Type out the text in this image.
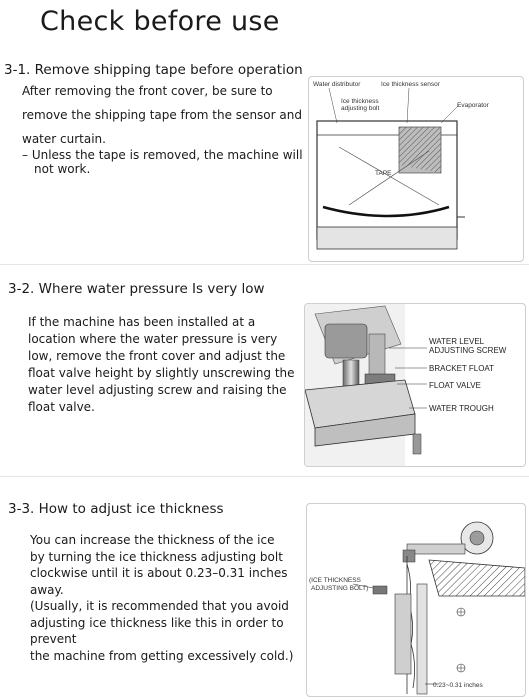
Check before use
3-1. Remove shipping tape before operation

After removing the front cover, be sure to

remove the shipping tape from the sensor and

water curtain.

– Unless the tape is removed, the machine will not work.

Water distributor	Ice thickness sensor
Ice thickness
adjusting bolt	Evaporator
TAPE
3-2. Where water pressure Is very low

If the machine has been installed at a

location where the water pressure is very

low, remove the front cover and adjust the

float valve height by slightly unscrewing the

water level adjusting screw and raising the

float valve.

WATER LEVEL
ADJUSTING SCREW
BRACKET FLOAT
FLOAT VALVE
WATER TROUGH
3-3. How to adjust ice thickness

You can increase the thickness of the ice

by turning the ice thickness adjusting bolt

clockwise until it is about 0.23–0.31 inches

away.

(Usually, it is recommended that you avoid

adjusting ice thickness like this in order to prevent

the machine from getting excessively cold.)

(ICE THICKNESS
ADJUSTING BOLT)
0.23~0.31 inches
